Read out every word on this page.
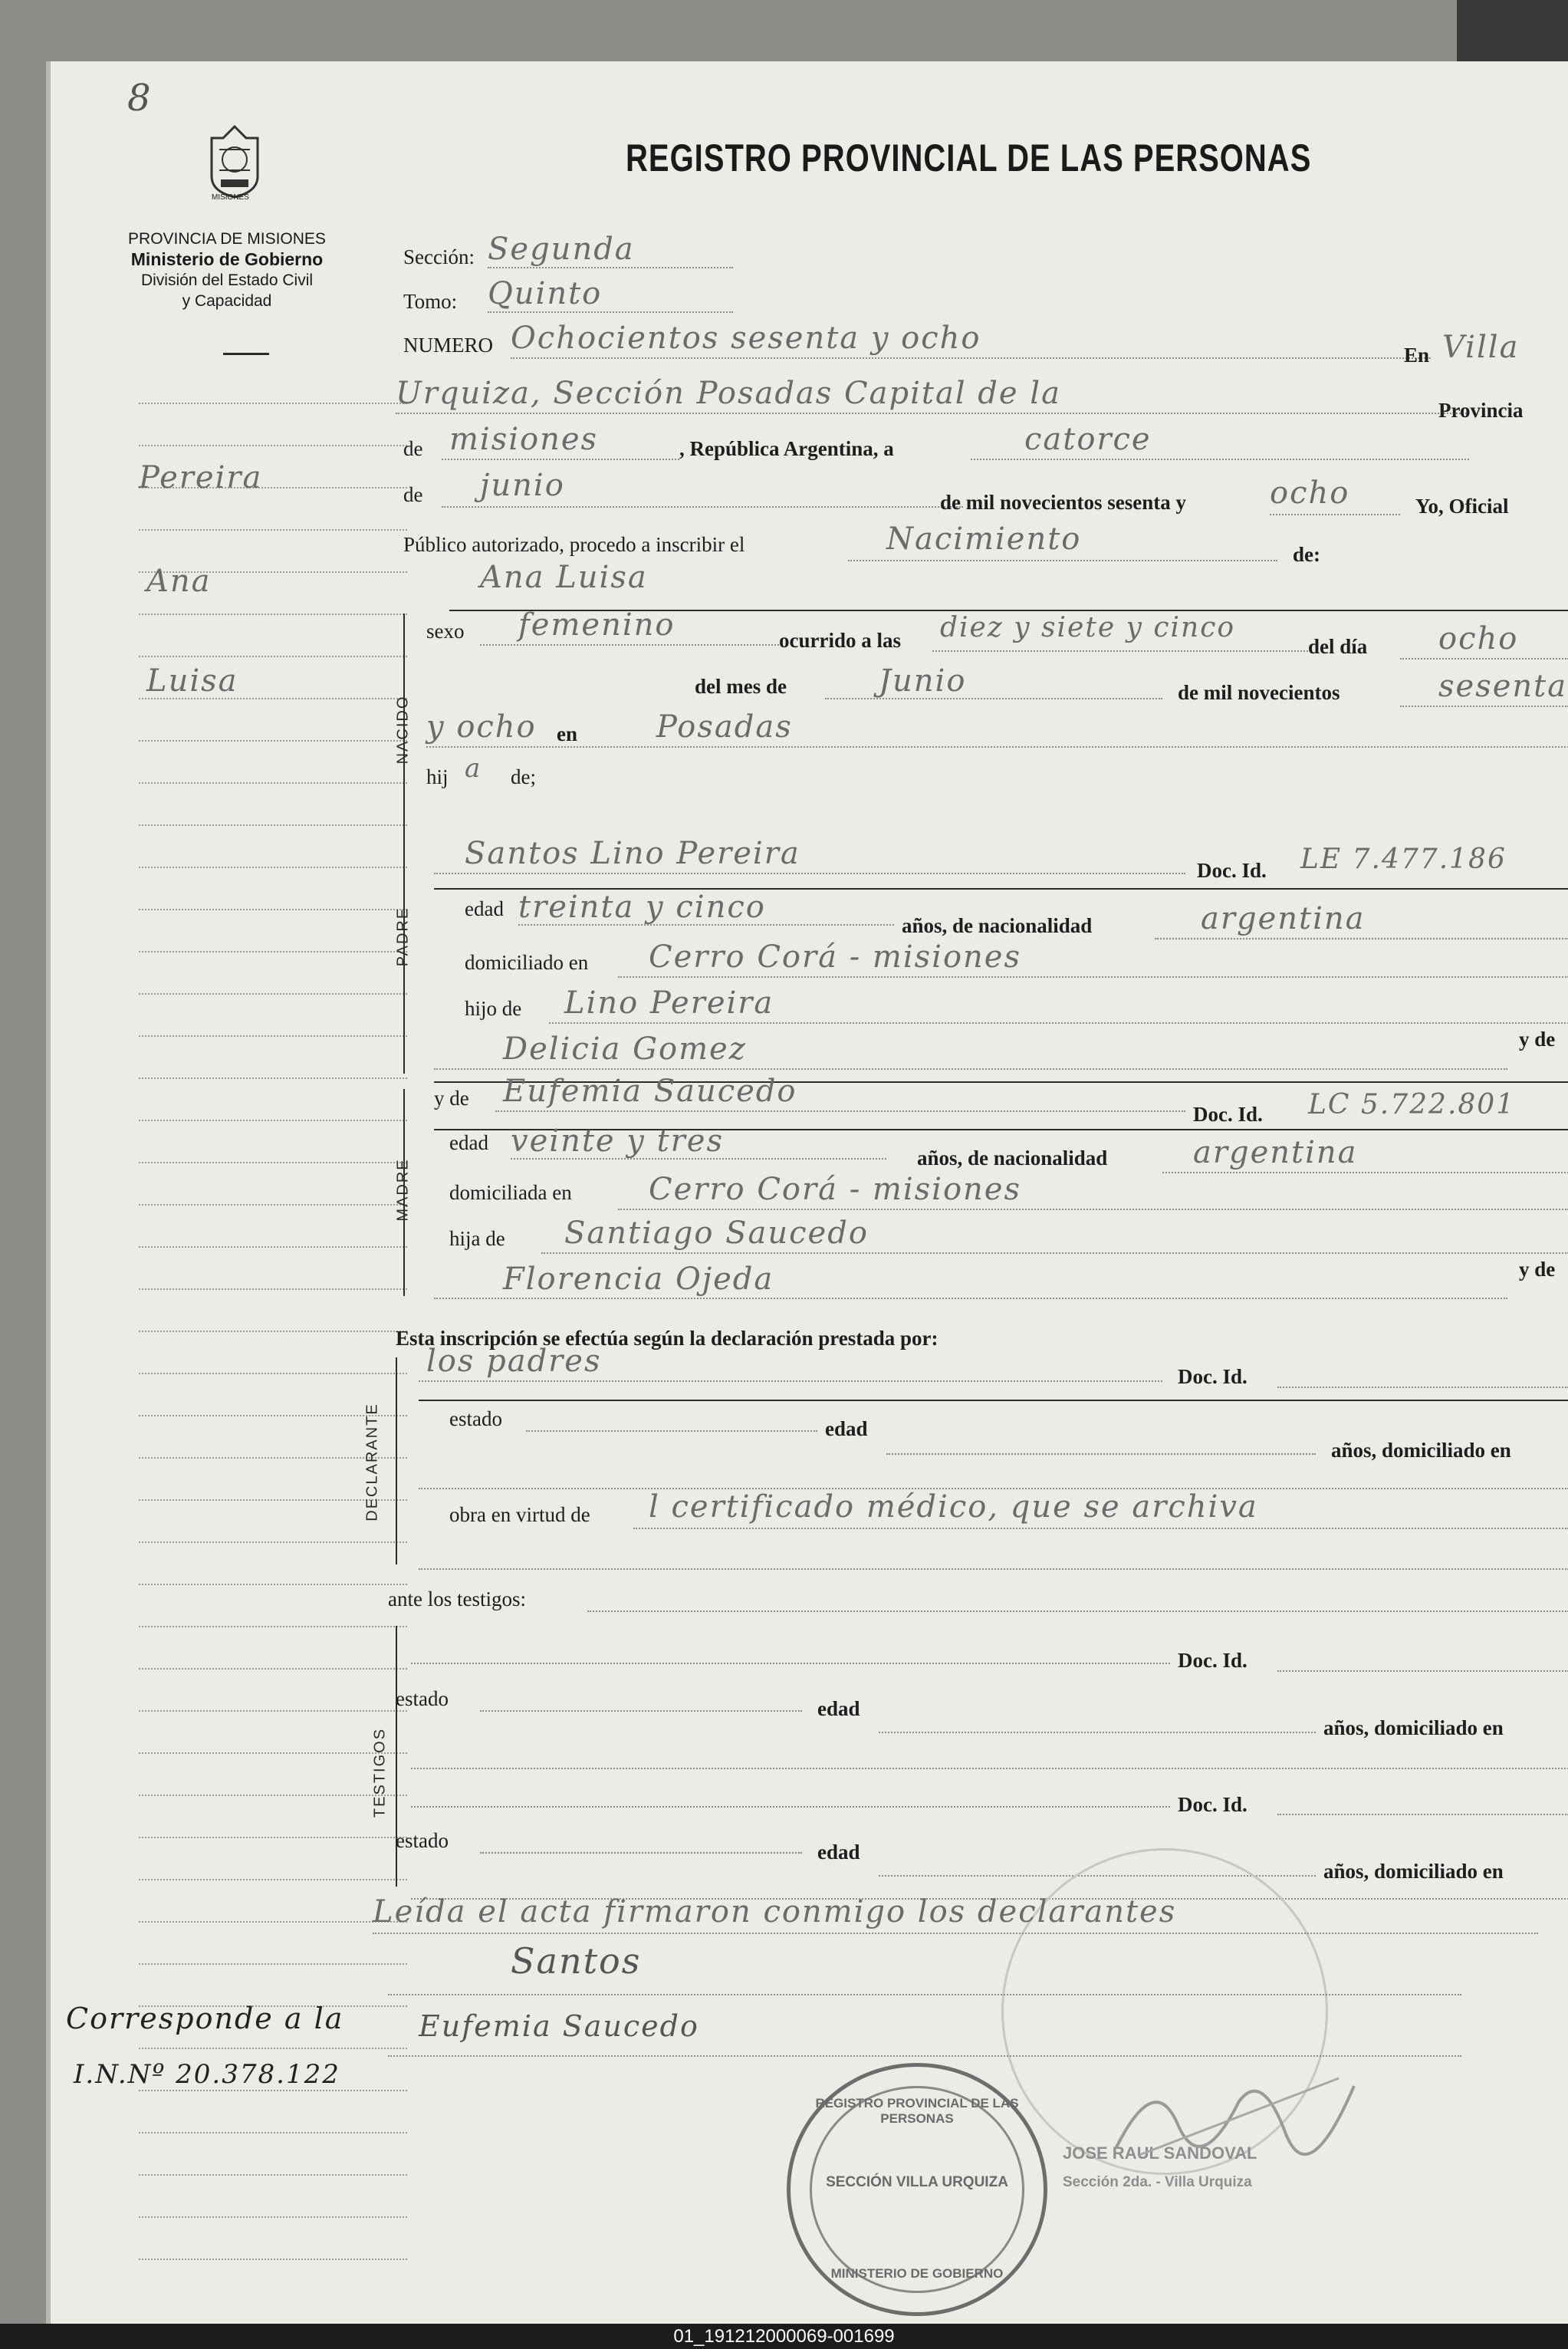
8
MISIONES
PROVINCIA DE MISIONES
Ministerio de Gobierno
División del Estado Civil
y Capacidad
REGISTRO PROVINCIAL DE LAS PERSONAS
Pereira
Ana
Luisa
Corresponde a la
I.N.Nº 20.378.122
Sección: Segunda
Tomo: Quinto
NUMERO Ochocientos sesenta y ocho	En Villa
Urquiza, Sección Posadas Capital de la	Provincia
de misiones	, República Argentina, a	catorce
de junio	de mil novecientos sesenta y	ocho	Yo, Oficial
Público autorizado, procedo a inscribir el	Nacimiento	de:
Ana Luisa
NACIDO
sexo femenino	ocurrido a las diez y siete y cinco
del día ocho
del mes de	Junio	de mil novecientos	sesenta
y ocho en	Posadas
hij a de;
PADRE
Santos Lino Pereira	Doc. Id. LE 7.477.186
edad treinta y cinco
años, de nacionalidad	argentina
domiciliado en Cerro Corá - misiones
hijo de Lino Pereira
Delicia Gomez	y de
MADRE
y de Eufemia Saucedo
Doc. Id. LC 5.722.801
edad veinte y tres	años, de nacionalidad	argentina
domiciliada en	Cerro Corá - misiones
hija de Santiago Saucedo
Florencia Ojeda	y de
Esta inscripción se efectúa según la declaración prestada por:
DECLARANTE
los padres	Doc. Id.
estado	edad
años, domiciliado en
obra en virtud de l certificado médico, que se archiva
ante los testigos:
TESTIGOS
Doc. Id.
estado	edad
años, domiciliado en
Doc. Id.
estado	edad
años, domiciliado en
Leída el acta firmaron conmigo los declarantes
Santos
Eufemia Saucedo
REGISTRO PROVINCIAL DE LAS PERSONAS
SECCIÓN VILLA URQUIZA
MINISTERIO DE GOBIERNO
JOSE RAUL SANDOVAL
Sección 2da. - Villa Urquiza
01_191212000069-001699
